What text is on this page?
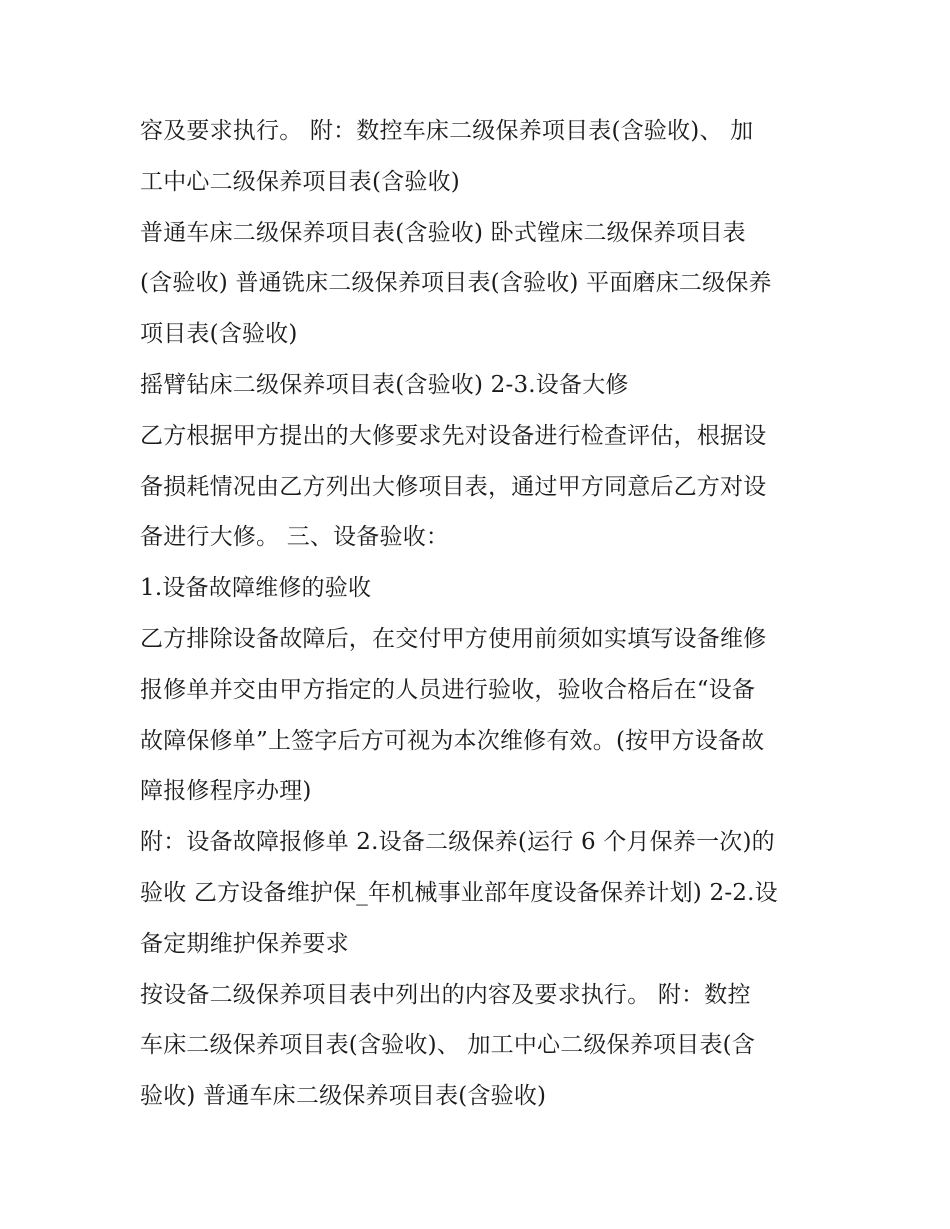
容及要求执行。 附：数控车床二级保养项目表(含验收)、 加
工中心二级保养项目表(含验收)
普通车床二级保养项目表(含验收) 卧式镗床二级保养项目表
(含验收) 普通铣床二级保养项目表(含验收) 平面磨床二级保养
项目表(含验收)
摇臂钻床二级保养项目表(含验收) 2-3.设备大修
乙方根据甲方提出的大修要求先对设备进行检查评估，根据设
备损耗情况由乙方列出大修项目表，通过甲方同意后乙方对设
备进行大修。 三、设备验收：
1.设备故障维修的验收
乙方排除设备故障后，在交付甲方使用前须如实填写设备维修
报修单并交由甲方指定的人员进行验收，验收合格后在“设备
故障保修单”上签字后方可视为本次维修有效。(按甲方设备故
障报修程序办理)
附：设备故障报修单 2.设备二级保养(运行 6 个月保养一次)的
验收 乙方设备维护保_年机械事业部年度设备保养计划) 2-2.设
备定期维护保养要求
按设备二级保养项目表中列出的内容及要求执行。 附：数控
车床二级保养项目表(含验收)、 加工中心二级保养项目表(含
验收) 普通车床二级保养项目表(含验收)
